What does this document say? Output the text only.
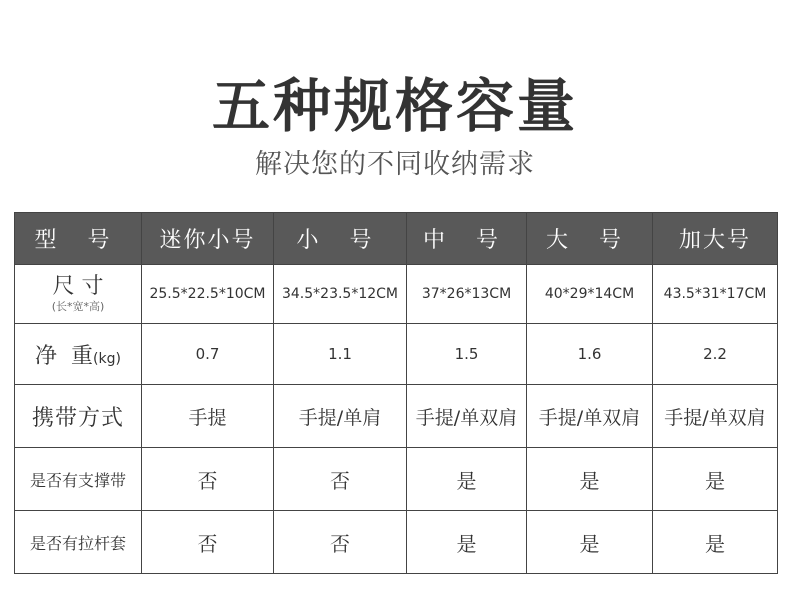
五种规格容量
解决您的不同收纳需求
型 号	迷你小号	小 号	中 号	大 号	加大号

尺 寸
(长*宽*高)	25.5*22.5*10CM	34.5*23.5*12CM	37*26*13CM	40*29*14CM	43.5*31*17CM
净  重(kg)	0.7	1.1	1.5	1.6	2.2
携带方式	手提	手提/单肩	手提/单双肩	手提/单双肩	手提/单双肩
是否有支撑带	否	否	是	是	是
是否有拉杆套	否	否	是	是	是
